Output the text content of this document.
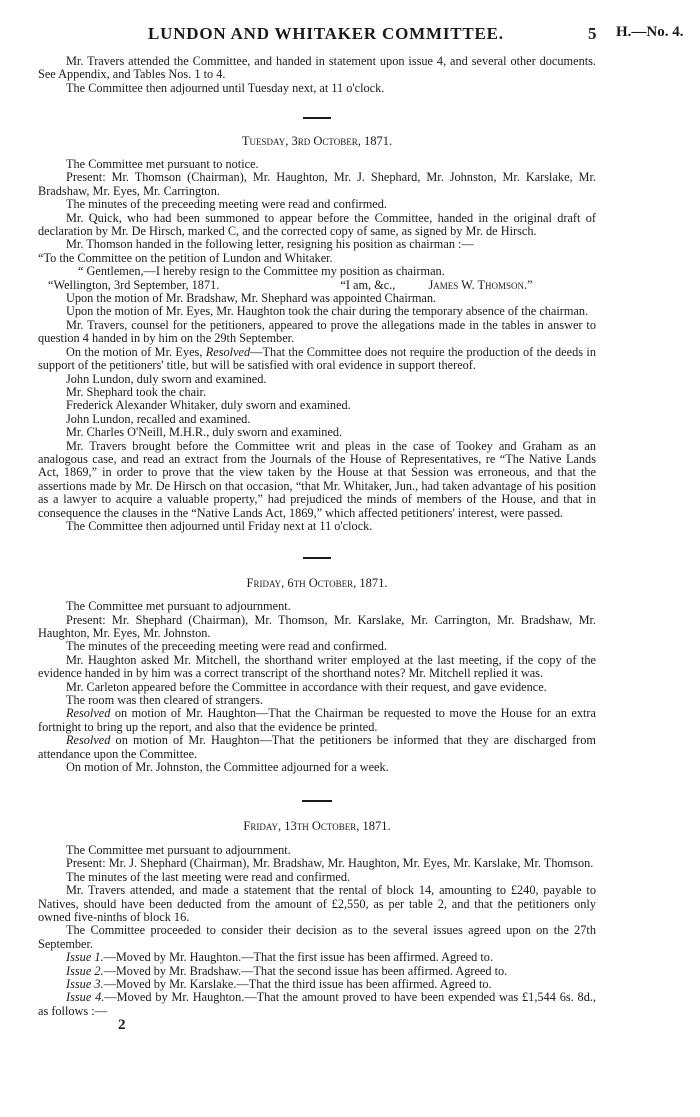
LUNDON AND WHITAKER COMMITTEE.	5 H.—No. 4.

Mr. Travers attended the Committee, and handed in statement upon issue 4, and several other documents. See Appendix, and Tables Nos. 1 to 4.

The Committee then adjourned until Tuesday next, at 11 o'clock.

Tuesday, 3rd October, 1871.

The Committee met pursuant to notice.

Present: Mr. Thomson (Chairman), Mr. Haughton, Mr. J. Shephard, Mr. Johnston, Mr. Karslake, Mr. Bradshaw, Mr. Eyes, Mr. Carrington.

The minutes of the preceeding meeting were read and confirmed.

Mr. Quick, who had been summoned to appear before the Committee, handed in the original draft of declaration by Mr. De Hirsch, marked C, and the corrected copy of same, as signed by Mr. de Hirsch.

Mr. Thomson handed in the following letter, resigning his position as chairman :—

“To the Committee on the petition of Lundon and Whitaker.

“ Gentlemen,—I hereby resign to the Committee my position as chairman.

“Wellington, 3rd September, 1871.	“I am, &c.,	James W. Thomson.”

Upon the motion of Mr. Bradshaw, Mr. Shephard was appointed Chairman.

Upon the motion of Mr. Eyes, Mr. Haughton took the chair during the temporary absence of the chairman.

Mr. Travers, counsel for the petitioners, appeared to prove the allegations made in the tables in answer to question 4 handed in by him on the 29th September.

On the motion of Mr. Eyes, Resolved—That the Committee does not require the production of the deeds in support of the petitioners' title, but will be satisfied with oral evidence in support thereof.

John Lundon, duly sworn and examined.

Mr. Shephard took the chair.

Frederick Alexander Whitaker, duly sworn and examined.

John Lundon, recalled and examined.

Mr. Charles O'Neill, M.H.R., duly sworn and examined.

Mr. Travers brought before the Committee writ and pleas in the case of Tookey and Graham as an analogous case, and read an extract from the Journals of the House of Representatives, re “The Native Lands Act, 1869,” in order to prove that the view taken by the House at that Session was erroneous, and that the assertions made by Mr. De Hirsch on that occasion, “that Mr. Whitaker, Jun., had taken advantage of his position as a lawyer to acquire a valuable property,” had prejudiced the minds of members of the House, and that in consequence the clauses in the “Native Lands Act, 1869,” which affected petitioners' interest, were passed.

The Committee then adjourned until Friday next at 11 o'clock.

Friday, 6th October, 1871.

The Committee met pursuant to adjournment.

Present: Mr. Shephard (Chairman), Mr. Thomson, Mr. Karslake, Mr. Carrington, Mr. Bradshaw, Mr. Haughton, Mr. Eyes, Mr. Johnston.

The minutes of the preceeding meeting were read and confirmed.

Mr. Haughton asked Mr. Mitchell, the shorthand writer employed at the last meeting, if the copy of the evidence handed in by him was a correct transcript of the shorthand notes? Mr. Mitchell replied it was.

Mr. Carleton appeared before the Committee in accordance with their request, and gave evidence.

The room was then cleared of strangers.

Resolved on motion of Mr. Haughton—That the Chairman be requested to move the House for an extra fortnight to bring up the report, and also that the evidence be printed.

Resolved on motion of Mr. Haughton—That the petitioners be informed that they are discharged from attendance upon the Committee.

On motion of Mr. Johnston, the Committee adjourned for a week.

Friday, 13th October, 1871.

The Committee met pursuant to adjournment.

Present: Mr. J. Shephard (Chairman), Mr. Bradshaw, Mr. Haughton, Mr. Eyes, Mr. Karslake, Mr. Thomson.

The minutes of the last meeting were read and confirmed.

Mr. Travers attended, and made a statement that the rental of block 14, amounting to £240, payable to Natives, should have been deducted from the amount of £2,550, as per table 2, and that the petitioners only owned five-ninths of block 16.

The Committee proceeded to consider their decision as to the several issues agreed upon on the 27th September.

Issue 1.—Moved by Mr. Haughton.—That the first issue has been affirmed. Agreed to.

Issue 2.—Moved by Mr. Bradshaw.—That the second issue has been affirmed. Agreed to.

Issue 3.—Moved by Mr. Karslake.—That the third issue has been affirmed. Agreed to.

Issue 4.—Moved by Mr. Haughton.—That the amount proved to have been expended was £1,544 6s. 8d., as follows :—

2
